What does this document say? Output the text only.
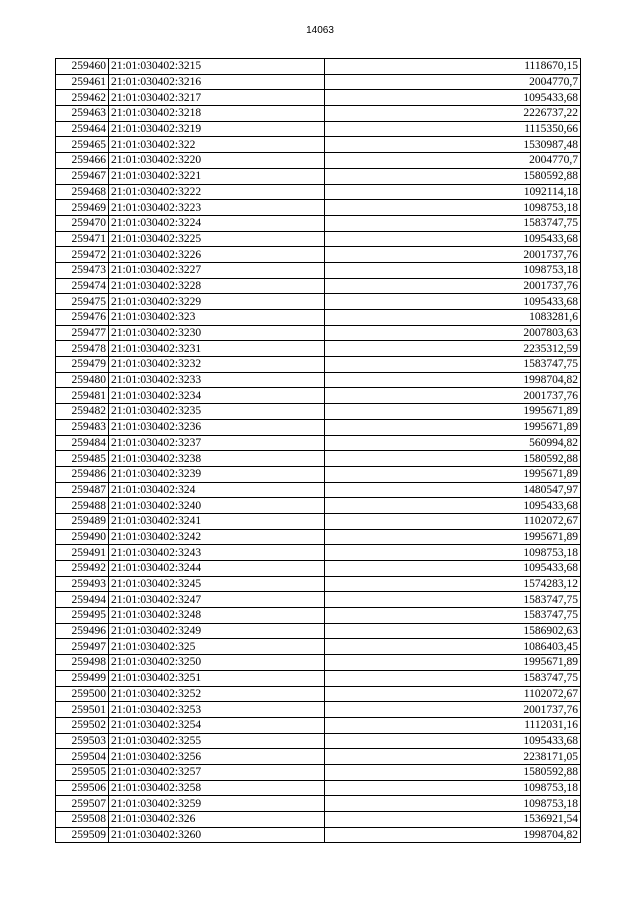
14063
259460	21:01:030402:3215	1118670,15
259461	21:01:030402:3216	2004770,7
259462	21:01:030402:3217	1095433,68
259463	21:01:030402:3218	2226737,22
259464	21:01:030402:3219	1115350,66
259465	21:01:030402:322	1530987,48
259466	21:01:030402:3220	2004770,7
259467	21:01:030402:3221	1580592,88
259468	21:01:030402:3222	1092114,18
259469	21:01:030402:3223	1098753,18
259470	21:01:030402:3224	1583747,75
259471	21:01:030402:3225	1095433,68
259472	21:01:030402:3226	2001737,76
259473	21:01:030402:3227	1098753,18
259474	21:01:030402:3228	2001737,76
259475	21:01:030402:3229	1095433,68
259476	21:01:030402:323	1083281,6
259477	21:01:030402:3230	2007803,63
259478	21:01:030402:3231	2235312,59
259479	21:01:030402:3232	1583747,75
259480	21:01:030402:3233	1998704,82
259481	21:01:030402:3234	2001737,76
259482	21:01:030402:3235	1995671,89
259483	21:01:030402:3236	1995671,89
259484	21:01:030402:3237	560994,82
259485	21:01:030402:3238	1580592,88
259486	21:01:030402:3239	1995671,89
259487	21:01:030402:324	1480547,97
259488	21:01:030402:3240	1095433,68
259489	21:01:030402:3241	1102072,67
259490	21:01:030402:3242	1995671,89
259491	21:01:030402:3243	1098753,18
259492	21:01:030402:3244	1095433,68
259493	21:01:030402:3245	1574283,12
259494	21:01:030402:3247	1583747,75
259495	21:01:030402:3248	1583747,75
259496	21:01:030402:3249	1586902,63
259497	21:01:030402:325	1086403,45
259498	21:01:030402:3250	1995671,89
259499	21:01:030402:3251	1583747,75
259500	21:01:030402:3252	1102072,67
259501	21:01:030402:3253	2001737,76
259502	21:01:030402:3254	1112031,16
259503	21:01:030402:3255	1095433,68
259504	21:01:030402:3256	2238171,05
259505	21:01:030402:3257	1580592,88
259506	21:01:030402:3258	1098753,18
259507	21:01:030402:3259	1098753,18
259508	21:01:030402:326	1536921,54
259509	21:01:030402:3260	1998704,82
